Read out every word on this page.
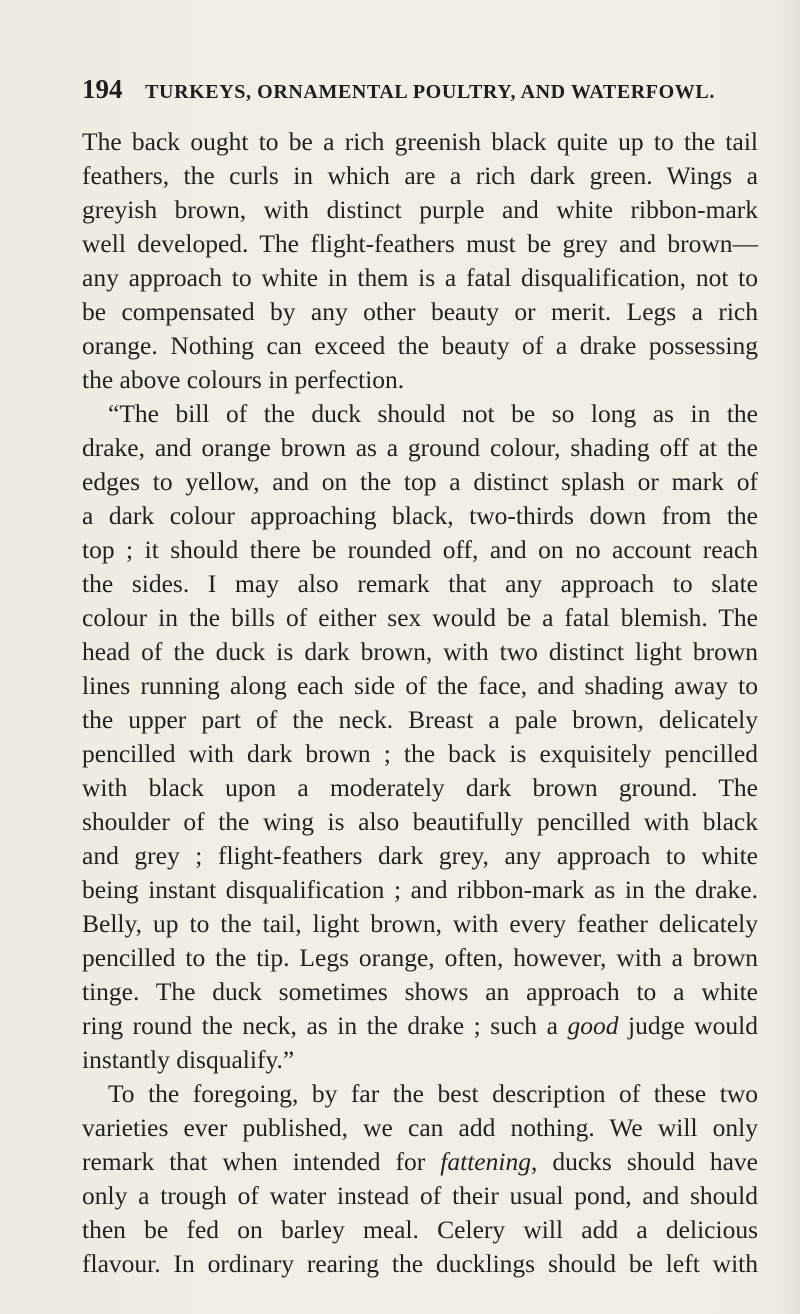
194 TURKEYS, ORNAMENTAL POULTRY, AND WATERFOWL.
The back ought to be a rich greenish black quite up to the tail
feathers, the curls in which are a rich dark green. Wings a
greyish brown, with distinct purple and white ribbon-mark
well developed. The flight-feathers must be grey and brown—
any approach to white in them is a fatal disqualification, not to
be compensated by any other beauty or merit. Legs a rich
orange. Nothing can exceed the beauty of a drake possessing
the above colours in perfection.
“The bill of the duck should not be so long as in the
drake, and orange brown as a ground colour, shading off at the
edges to yellow, and on the top a distinct splash or mark of
a dark colour approaching black, two-thirds down from the
top ; it should there be rounded off, and on no account reach
the sides. I may also remark that any approach to slate
colour in the bills of either sex would be a fatal blemish. The
head of the duck is dark brown, with two distinct light brown
lines running along each side of the face, and shading away to
the upper part of the neck. Breast a pale brown, delicately
pencilled with dark brown ; the back is exquisitely pencilled
with black upon a moderately dark brown ground. The
shoulder of the wing is also beautifully pencilled with black
and grey ; flight-feathers dark grey, any approach to white
being instant disqualification ; and ribbon-mark as in the drake.
Belly, up to the tail, light brown, with every feather delicately
pencilled to the tip. Legs orange, often, however, with a brown
tinge. The duck sometimes shows an approach to a white
ring round the neck, as in the drake ; such a good judge would
instantly disqualify.”
To the foregoing, by far the best description of these two
varieties ever published, we can add nothing. We will only
remark that when intended for fattening, ducks should have
only a trough of water instead of their usual pond, and should
then be fed on barley meal. Celery will add a delicious
flavour. In ordinary rearing the ducklings should be left with
